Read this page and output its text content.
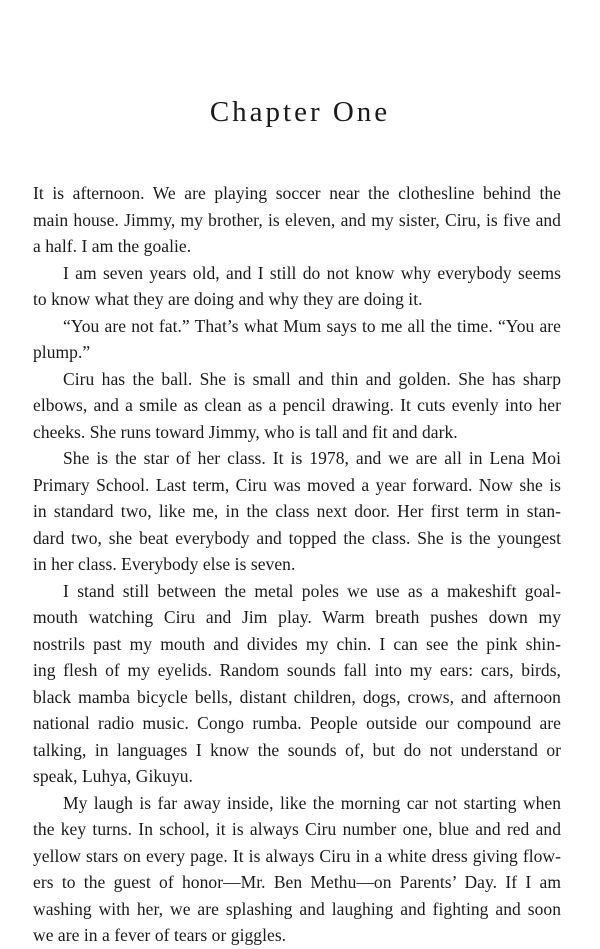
Chapter One
It is afternoon. We are playing soccer near the clothesline behind the
main house. Jimmy, my brother, is eleven, and my sister, Ciru, is five and
a half. I am the goalie.
I am seven years old, and I still do not know why everybody seems
to know what they are doing and why they are doing it.
“You are not fat.” That’s what Mum says to me all the time. “You are
plump.”
Ciru has the ball. She is small and thin and golden. She has sharp
elbows, and a smile as clean as a pencil drawing. It cuts evenly into her
cheeks. She runs toward Jimmy, who is tall and fit and dark.
She is the star of her class. It is 1978, and we are all in Lena Moi
Primary School. Last term, Ciru was moved a year forward. Now she is
in standard two, like me, in the class next door. Her first term in stan-
dard two, she beat everybody and topped the class. She is the youngest
in her class. Everybody else is seven.
I stand still between the metal poles we use as a makeshift goal-
mouth watching Ciru and Jim play. Warm breath pushes down my
nostrils past my mouth and divides my chin. I can see the pink shin-
ing flesh of my eyelids. Random sounds fall into my ears: cars, birds,
black mamba bicycle bells, distant children, dogs, crows, and afternoon
national radio music. Congo rumba. People outside our compound are
talking, in languages I know the sounds of, but do not understand or
speak, Luhya, Gikuyu.
My laugh is far away inside, like the morning car not starting when
the key turns. In school, it is always Ciru number one, blue and red and
yellow stars on every page. It is always Ciru in a white dress giving flow-
ers to the guest of honor—Mr. Ben Methu—on Parents’ Day. If I am
washing with her, we are splashing and laughing and fighting and soon
we are in a fever of tears or giggles.
